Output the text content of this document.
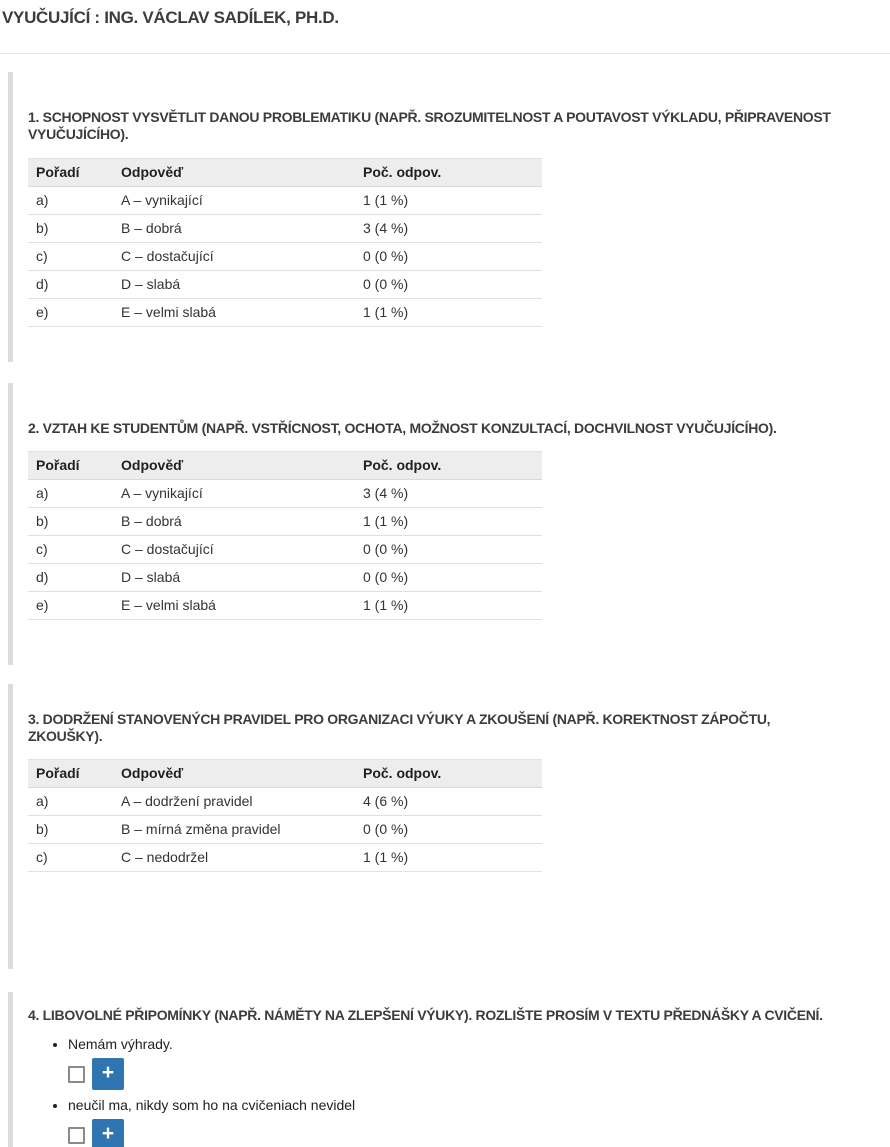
VYUČUJÍCÍ : ING. VÁCLAV SADÍLEK, PH.D.
1. SCHOPNOST VYSVĚTLIT DANOU PROBLEMATIKU (NAPŘ. SROZUMITELNOST A POUTAVOST VÝKLADU, PŘIPRAVENOST VYUČUJÍCÍHO).
Pořadí	Odpověď	Poč. odpov.
a)	A – vynikající	1 (1 %)
b)	B – dobrá	3 (4 %)
c)	C – dostačující	0 (0 %)
d)	D – slabá	0 (0 %)
e)	E – velmi slabá	1 (1 %)
2. VZTAH KE STUDENTŮM (NAPŘ. VSTŘÍCNOST, OCHOTA, MOŽNOST KONZULTACÍ, DOCHVILNOST VYUČUJÍCÍHO).
Pořadí	Odpověď	Poč. odpov.
a)	A – vynikající	3 (4 %)
b)	B – dobrá	1 (1 %)
c)	C – dostačující	0 (0 %)
d)	D – slabá	0 (0 %)
e)	E – velmi slabá	1 (1 %)
3. DODRŽENÍ STANOVENÝCH PRAVIDEL PRO ORGANIZACI VÝUKY A ZKOUŠENÍ (NAPŘ. KOREKTNOST ZÁPOČTU, ZKOUŠKY).
Pořadí	Odpověď	Poč. odpov.
a)	A – dodržení pravidel	4 (6 %)
b)	B – mírná změna pravidel	0 (0 %)
c)	C – nedodržel	1 (1 %)
4. LIBOVOLNÉ PŘIPOMÍNKY (NAPŘ. NÁMĚTY NA ZLEPŠENÍ VÝUKY). ROZLIŠTE PROSÍM V TEXTU PŘEDNÁŠKY A CVIČENÍ.
• Nemám výhrady.
+
• neučil ma, nikdy som ho na cvičeniach nevidel
+
